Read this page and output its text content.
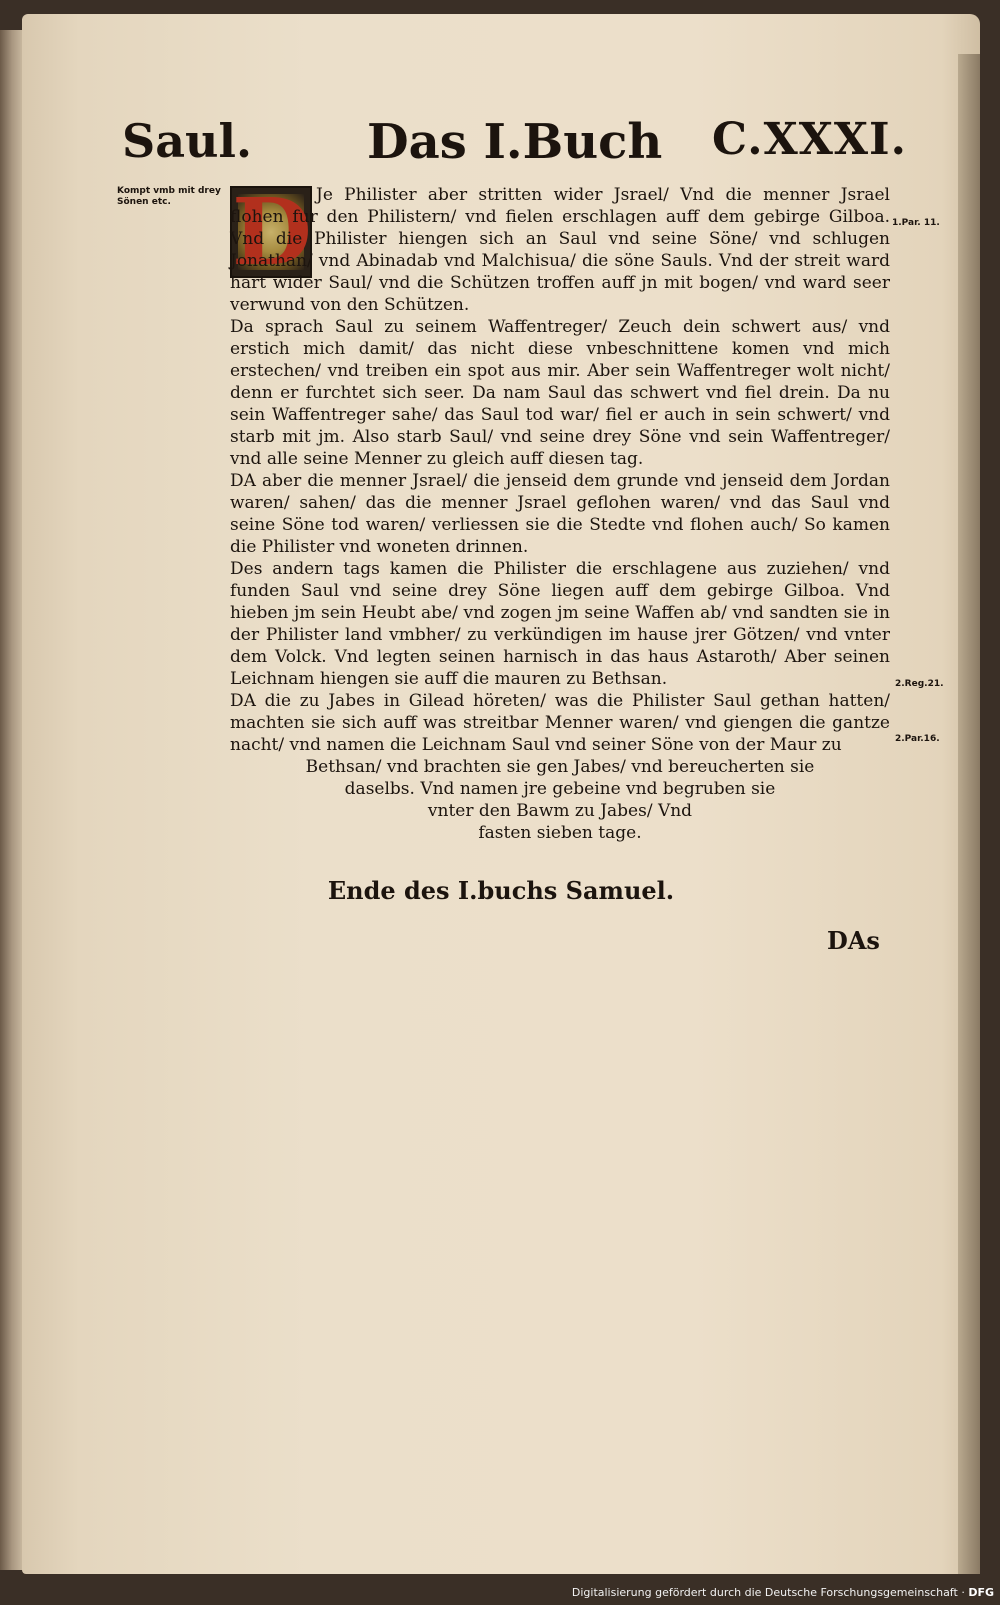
Saul. Das I.Buch C.XXXI.
Kompt vmb mit drey Sönen etc.
1.Par. 11.
2.Reg.21.
2.Par.16.
D Je Philister aber stritten wider Jsrael/ Vnd die menner Jsrael flohen fur den Philistern/ vnd fielen erschlagen auff dem gebirge Gilboa. Vnd die Philister hiengen sich an Saul vnd seine Söne/ vnd schlugen Jonathan/ vnd Abinadab vnd Malchisua/ die söne Sauls. Vnd der streit ward hart wider Saul/ vnd die Schützen troffen auff jn mit bogen/ vnd ward seer verwund von den Schützen.

Da sprach Saul zu seinem Waffentreger/ Zeuch dein schwert aus/ vnd erstich mich damit/ das nicht diese vnbeschnittene komen vnd mich erstechen/ vnd treiben ein spot aus mir. Aber sein Waffentreger wolt nicht/ denn er furchtet sich seer. Da nam Saul das schwert vnd fiel drein. Da nu sein Waffentreger sahe/ das Saul tod war/ fiel er auch in sein schwert/ vnd starb mit jm. Also starb Saul/ vnd seine drey Söne vnd sein Waffentreger/ vnd alle seine Menner zu gleich auff diesen tag.

DA aber die menner Jsrael/ die jenseid dem grunde vnd jenseid dem Jordan waren/ sahen/ das die menner Jsrael geflohen waren/ vnd das Saul vnd seine Söne tod waren/ verliessen sie die Stedte vnd flohen auch/ So kamen die Philister vnd woneten drinnen.

Des andern tags kamen die Philister die erschlagene aus zuziehen/ vnd funden Saul vnd seine drey Söne liegen auff dem gebirge Gilboa. Vnd hieben jm sein Heubt abe/ vnd zogen jm seine Waffen ab/ vnd sandten sie in der Philister land vmbher/ zu verkündigen im hause jrer Götzen/ vnd vnter dem Volck. Vnd legten seinen harnisch in das haus Astaroth/ Aber seinen Leichnam hiengen sie auff die mauren zu Bethsan.

DA die zu Jabes in Gilead höreten/ was die Philister Saul gethan hatten/ machten sie sich auff was streitbar Menner waren/ vnd giengen die gantze nacht/ vnd namen die Leichnam Saul vnd seiner Söne von der Maur zu

Bethsan/ vnd brachten sie gen Jabes/ vnd bereucherten sie
daselbs. Vnd namen jre gebeine vnd begruben sie
vnter den Bawm zu Jabes/ Vnd
fasten sieben tage.
Ende des I.buchs Samuel.
DAs
Digitalisierung gefördert durch die Deutsche Forschungsgemeinschaft · DFG
